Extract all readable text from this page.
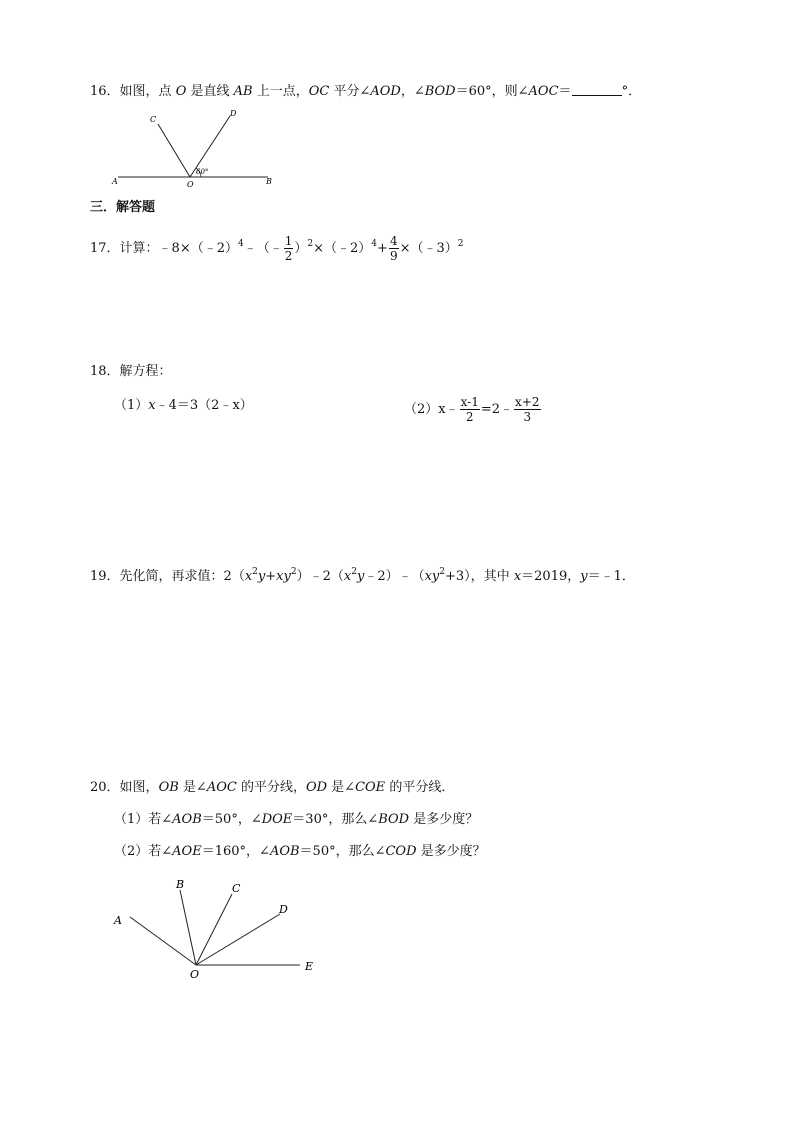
16．如图，点 O 是直线 AB 上一点，OC 平分∠AOD，∠BOD＝60°，则∠AOC＝	°．
A	O	B
C
D
60°
三．解答题
17．计算：﹣8×（﹣2）$^4$﹣（﹣ $\frac{1}{2}$ ）$^2$×（﹣2）$^4$+ $\frac{4}{9}$ ×（﹣3）$^2$
18．解方程：
（1）x﹣4＝3（2﹣x）	（2）x﹣ $\frac{x-1}{2}$ =2﹣ $\frac{x+2}{3}$
19．先化简，再求值：$2(x^2y+xy^2)﹣2(x^2y﹣2)﹣(xy^2+3)$，其中 x＝2019，y＝﹣1．
20．如图，OB 是∠AOC 的平分线，OD 是∠COE 的平分线．
（1）若∠AOB＝50°，∠DOE＝30°，那么∠BOD 是多少度？
（2）若∠AOE＝160°，∠AOB＝50°，那么∠COD 是多少度？
A
B	C
D
E
O
